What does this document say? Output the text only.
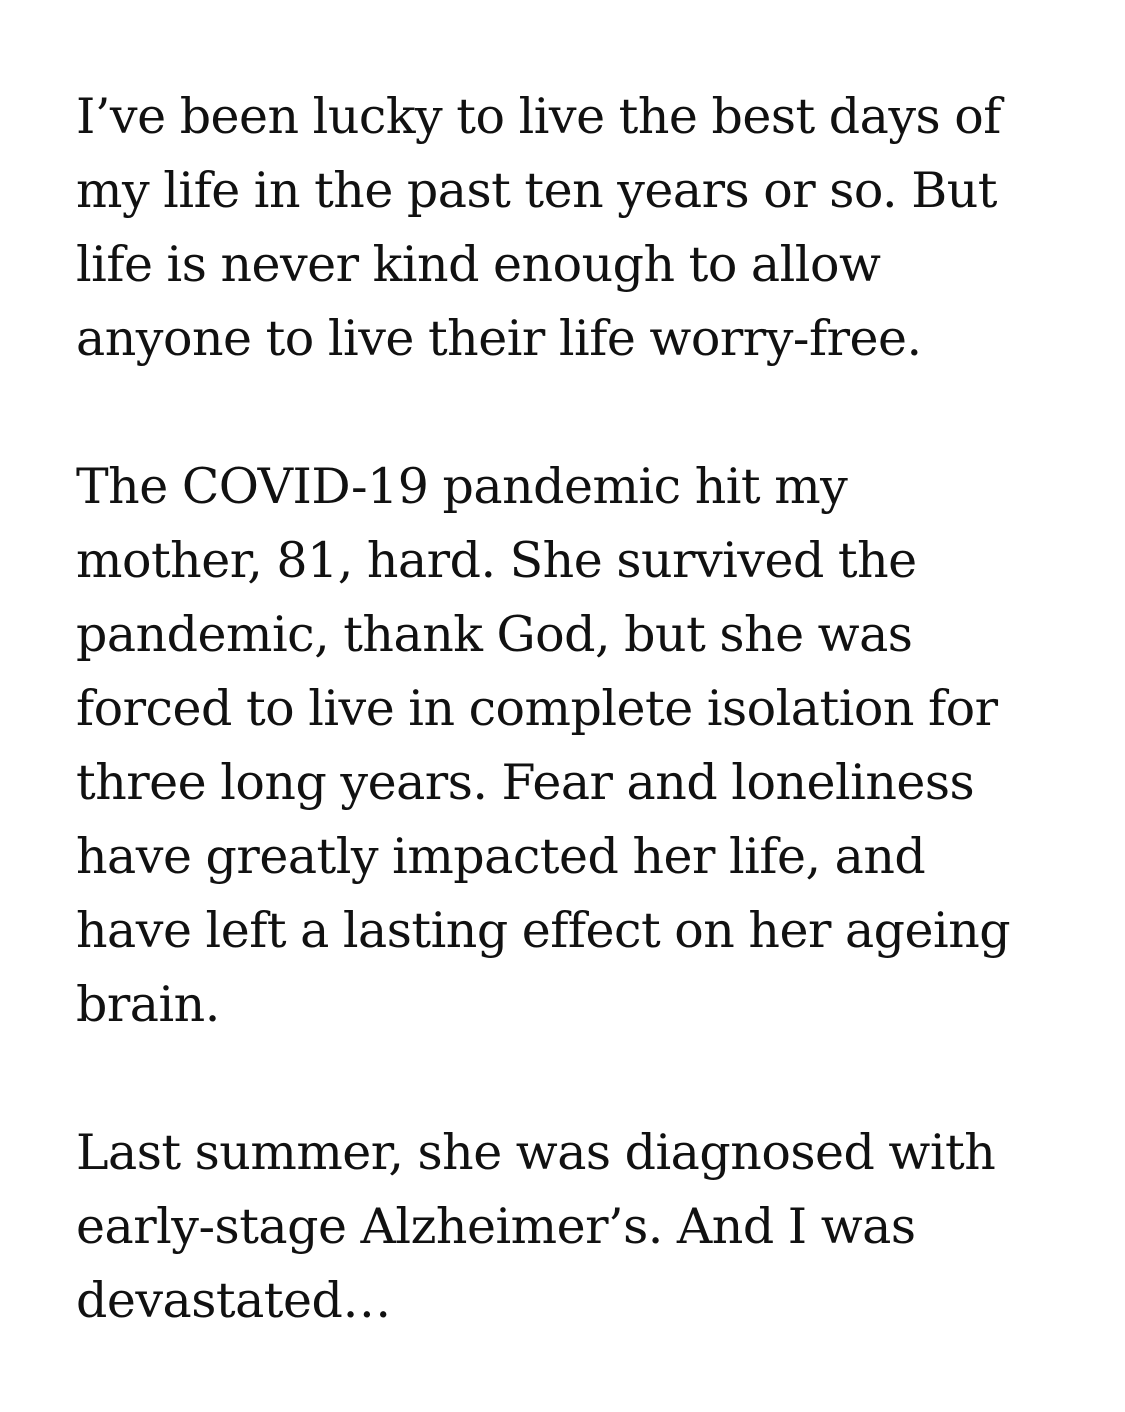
I’ve been lucky to live the best days of
my life in the past ten years or so. But
life is never kind enough to allow
anyone to live their life worry-free.

The COVID-19 pandemic hit my
mother, 81, hard. She survived the
pandemic, thank God, but she was
forced to live in complete isolation for
three long years. Fear and loneliness
have greatly impacted her life, and
have left a lasting effect on her ageing
brain.

Last summer, she was diagnosed with
early-stage Alzheimer’s. And I was
devastated…
